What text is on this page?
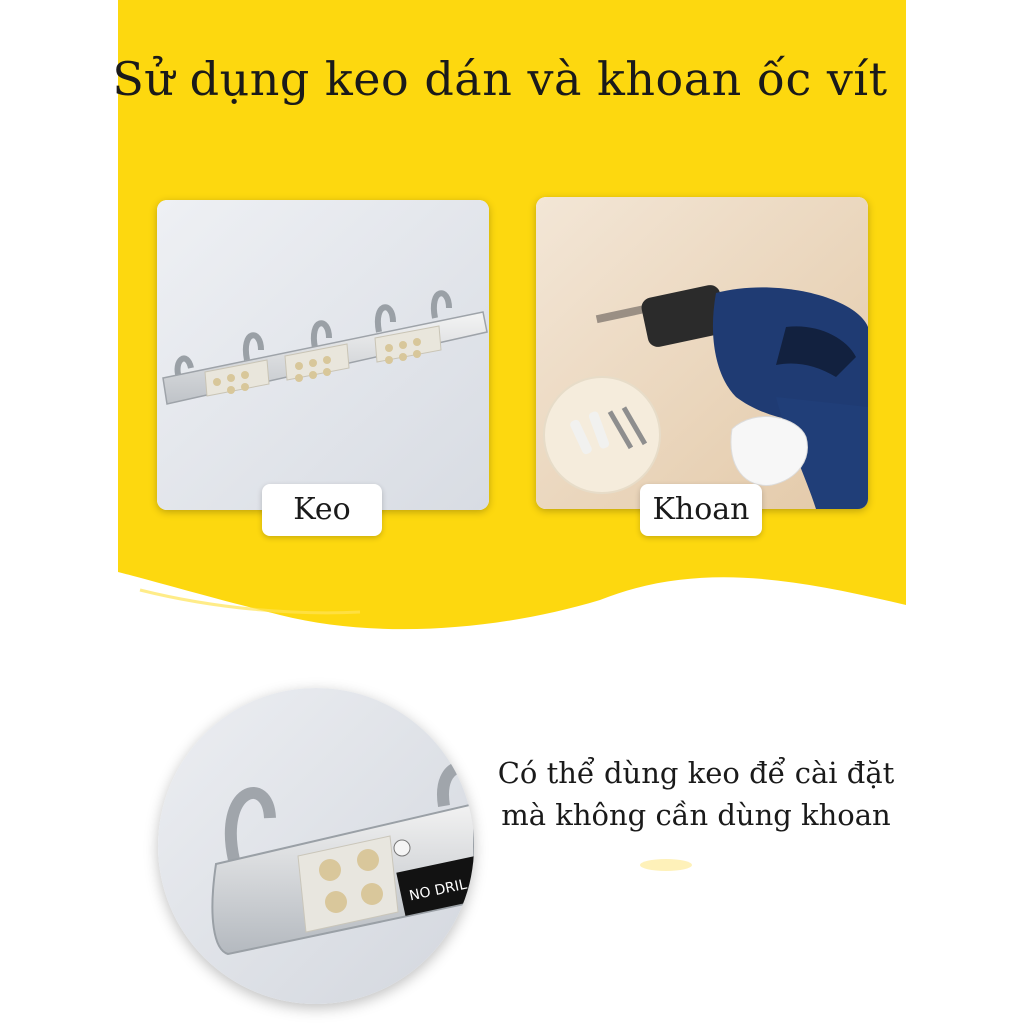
Sử dụng keo dán và khoan ốc vít
Keo	Khoan
NO DRIL
Có thể dùng keo để cài đặt
mà không cần dùng khoan
